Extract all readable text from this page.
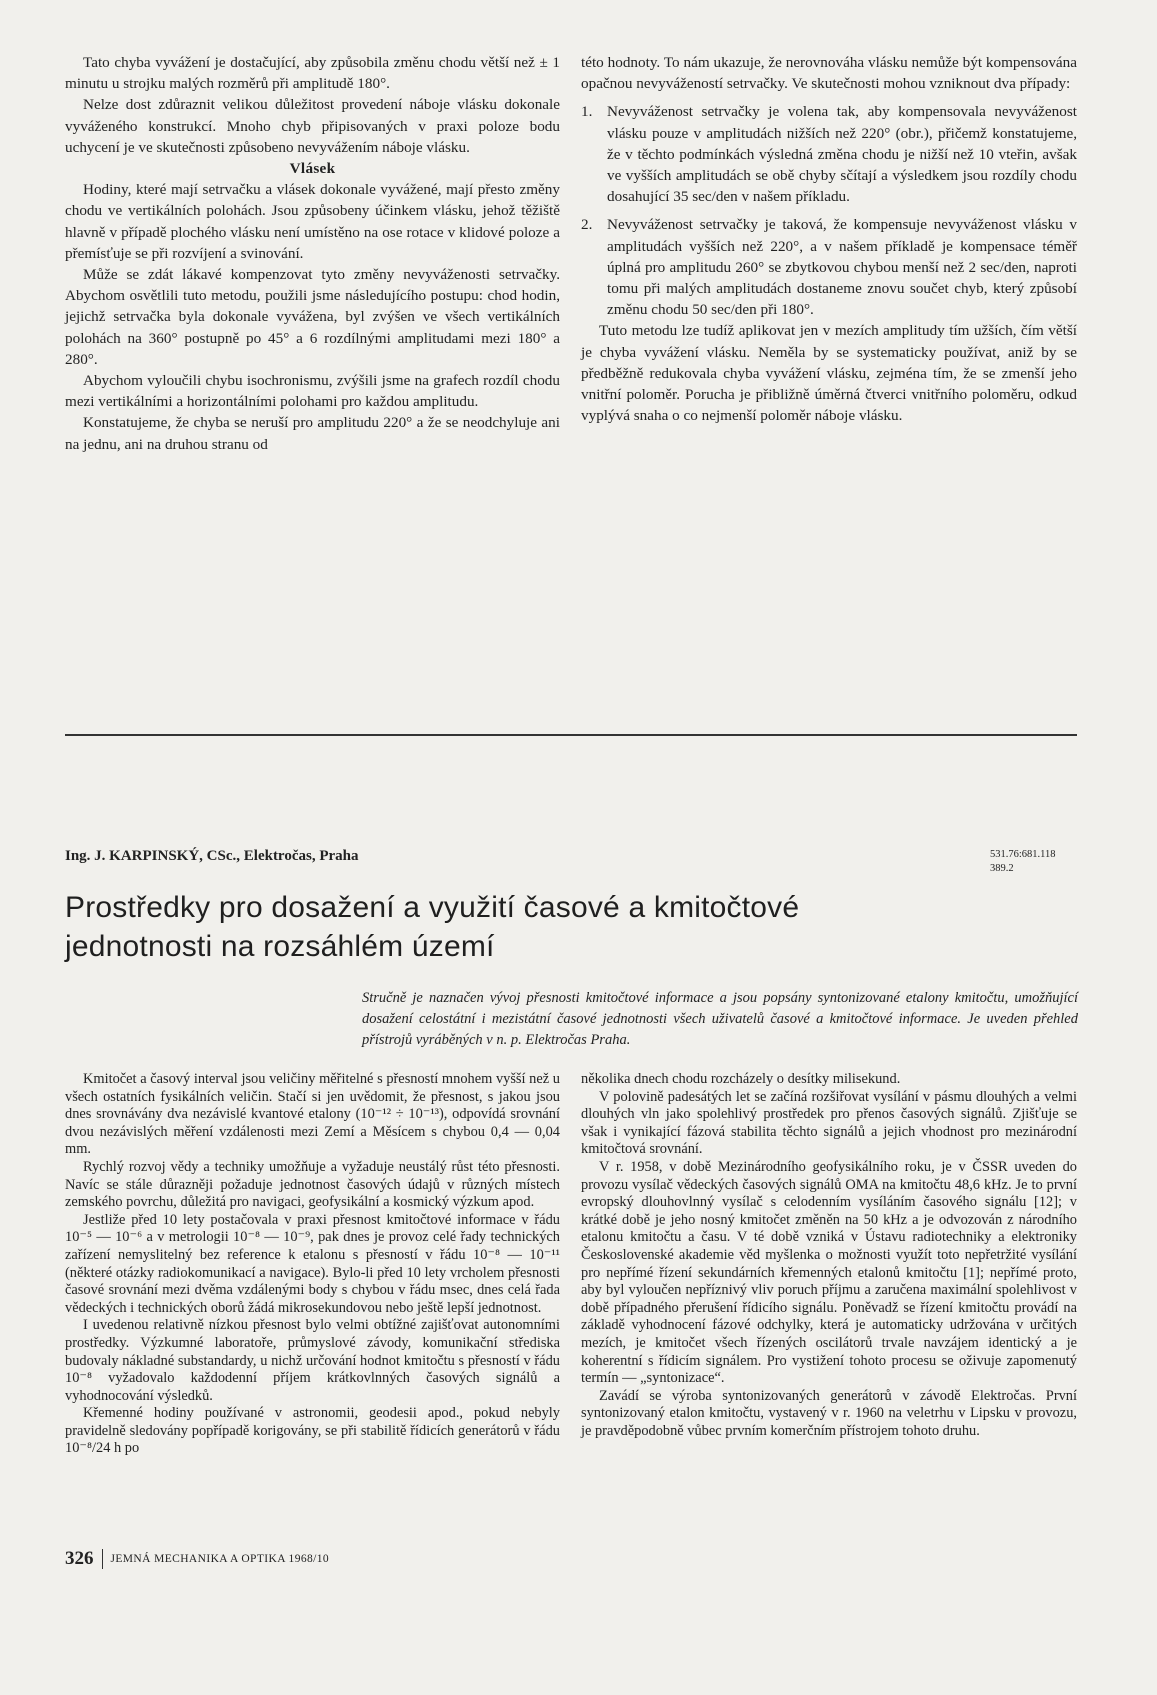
Tato chyba vyvážení je dostačující, aby způsobila změnu chodu větší než ± 1 minutu u strojku malých rozměrů při amplitudě 180°.

Nelze dost zdůraznit velikou důležitost provedení náboje vlásku dokonale vyváženého konstrukcí. Mnoho chyb připisovaných v praxi poloze bodu uchycení je ve skutečnosti způsobeno nevyvážením náboje vlásku.

Vlásek

Hodiny, které mají setrvačku a vlásek dokonale vyvážené, mají přesto změny chodu ve vertikálních polohách. Jsou způsobeny účinkem vlásku, jehož těžiště hlavně v případě plochého vlásku není umístěno na ose rotace v klidové poloze a přemísťuje se při rozvíjení a svinování.

Může se zdát lákavé kompenzovat tyto změny nevyváženosti setrvačky. Abychom osvětlili tuto metodu, použili jsme následujícího postupu: chod hodin, jejichž setrvačka byla dokonale vyvážena, byl zvýšen ve všech vertikálních polohách na 360° postupně po 45° a 6 rozdílnými amplitudami mezi 180° a 280°.

Abychom vyloučili chybu isochronismu, zvýšili jsme na grafech rozdíl chodu mezi vertikálními a horizontálními polohami pro každou amplitudu.

Konstatujeme, že chyba se neruší pro amplitudu 220° a že se neodchyluje ani na jednu, ani na druhou stranu od

této hodnoty. To nám ukazuje, že nerovnováha vlásku nemůže být kompensována opačnou nevyvážeností setrvačky. Ve skutečnosti mohou vzniknout dva případy:

1. Nevyváženost setrvačky je volena tak, aby kompensovala nevyváženost vlásku pouze v amplitudách nižších než 220° (obr.), přičemž konstatujeme, že v těchto podmínkách výsledná změna chodu je nižší než 10 vteřin, avšak ve vyšších amplitudách se obě chyby sčítají a výsledkem jsou rozdíly chodu dosahující 35 sec/den v našem příkladu.
2. Nevyváženost setrvačky je taková, že kompensuje nevyváženost vlásku v amplitudách vyšších než 220°, a v našem příkladě je kompensace téměř úplná pro amplitudu 260° se zbytkovou chybou menší než 2 sec/den, naproti tomu při malých amplitudách dostaneme znovu součet chyb, který způsobí změnu chodu 50 sec/den při 180°.

Tuto metodu lze tudíž aplikovat jen v mezích amplitudy tím užších, čím větší je chyba vyvážení vlásku. Neměla by se systematicky používat, aniž by se předběžně redukovala chyba vyvážení vlásku, zejména tím, že se zmenší jeho vnitřní poloměr. Porucha je přibližně úměrná čtverci vnitřního poloměru, odkud vyplývá snaha o co nejmenší poloměr náboje vlásku.

Ing. J. KARPINSKÝ, CSc., Elektročas, Praha	531.76:681.118
389.2
Prostředky pro dosažení a využití časové a kmitočtové
jednotnosti na rozsáhlém území

Stručně je naznačen vývoj přesnosti kmitočtové informace a jsou popsány syntonizované etalony kmitočtu, umožňující dosažení celostátní i mezistátní časové jednotnosti všech uživatelů časové a kmitočtové informace. Je uveden přehled přístrojů vyráběných v n. p. Elektročas Praha.

Kmitočet a časový interval jsou veličiny měřitelné s přesností mnohem vyšší než u všech ostatních fysikálních veličin. Stačí si jen uvědomit, že přesnost, s jakou jsou dnes srovnávány dva nezávislé kvantové etalony (10⁻¹² ÷ 10⁻¹³), odpovídá srovnání dvou nezávislých měření vzdálenosti mezi Zemí a Měsícem s chybou 0,4 — 0,04 mm.

Rychlý rozvoj vědy a techniky umožňuje a vyžaduje neustálý růst této přesnosti. Navíc se stále důrazněji požaduje jednotnost časových údajů v různých místech zemského povrchu, důležitá pro navigaci, geofysikální a kosmický výzkum apod.

Jestliže před 10 lety postačovala v praxi přesnost kmitočtové informace v řádu 10⁻⁵ — 10⁻⁶ a v metrologii 10⁻⁸ — 10⁻⁹, pak dnes je provoz celé řady technických zařízení nemyslitelný bez reference k etalonu s přesností v řádu 10⁻⁸ — 10⁻¹¹ (některé otázky radiokomunikací a navigace). Bylo-li před 10 lety vrcholem přesnosti časové srovnání mezi dvěma vzdálenými body s chybou v řádu msec, dnes celá řada vědeckých i technických oborů žádá mikrosekundovou nebo ještě lepší jednotnost.

I uvedenou relativně nízkou přesnost bylo velmi obtížné zajišťovat autonomními prostředky. Výzkumné laboratoře, průmyslové závody, komunikační střediska budovaly nákladné substandardy, u nichž určování hodnot kmitočtu s přesností v řádu 10⁻⁸ vyžadovalo každodenní příjem krátkovlnných časových signálů a vyhodnocování výsledků.

Křemenné hodiny používané v astronomii, geodesii apod., pokud nebyly pravidelně sledovány popřípadě korigovány, se při stabilitě řídicích generátorů v řádu 10⁻⁸/24 h po

několika dnech chodu rozcházely o desítky milisekund.

V polovině padesátých let se začíná rozšiřovat vysílání v pásmu dlouhých a velmi dlouhých vln jako spolehlivý prostředek pro přenos časových signálů. Zjišťuje se však i vynikající fázová stabilita těchto signálů a jejich vhodnost pro mezinárodní kmitočtová srovnání.

V r. 1958, v době Mezinárodního geofysikálního roku, je v ČSSR uveden do provozu vysílač vědeckých časových signálů OMA na kmitočtu 48,6 kHz. Je to první evropský dlouhovlnný vysílač s celodenním vysíláním časového signálu [12]; v krátké době je jeho nosný kmitočet změněn na 50 kHz a je odvozován z národního etalonu kmitočtu a času. V té době vzniká v Ústavu radiotechniky a elektroniky Československé akademie věd myšlenka o možnosti využít toto nepřetržité vysílání pro nepřímé řízení sekundárních křemenných etalonů kmitočtu [1]; nepřímé proto, aby byl vyloučen nepříznivý vliv poruch příjmu a zaručena maximální spolehlivost v době případného přerušení řídicího signálu. Poněvadž se řízení kmitočtu provádí na základě vyhodnocení fázové odchylky, která je automaticky udržována v určitých mezích, je kmitočet všech řízených oscilátorů trvale navzájem identický a je koherentní s řídicím signálem. Pro vystižení tohoto procesu se oživuje zapomenutý termín — „syntonizace“.

Zavádí se výroba syntonizovaných generátorů v závodě Elektročas. První syntonizovaný etalon kmitočtu, vystavený v r. 1960 na veletrhu v Lipsku v provozu, je pravděpodobně vůbec prvním komerčním přístrojem tohoto druhu.

326 JEMNÁ MECHANIKA A OPTIKA 1968/10
